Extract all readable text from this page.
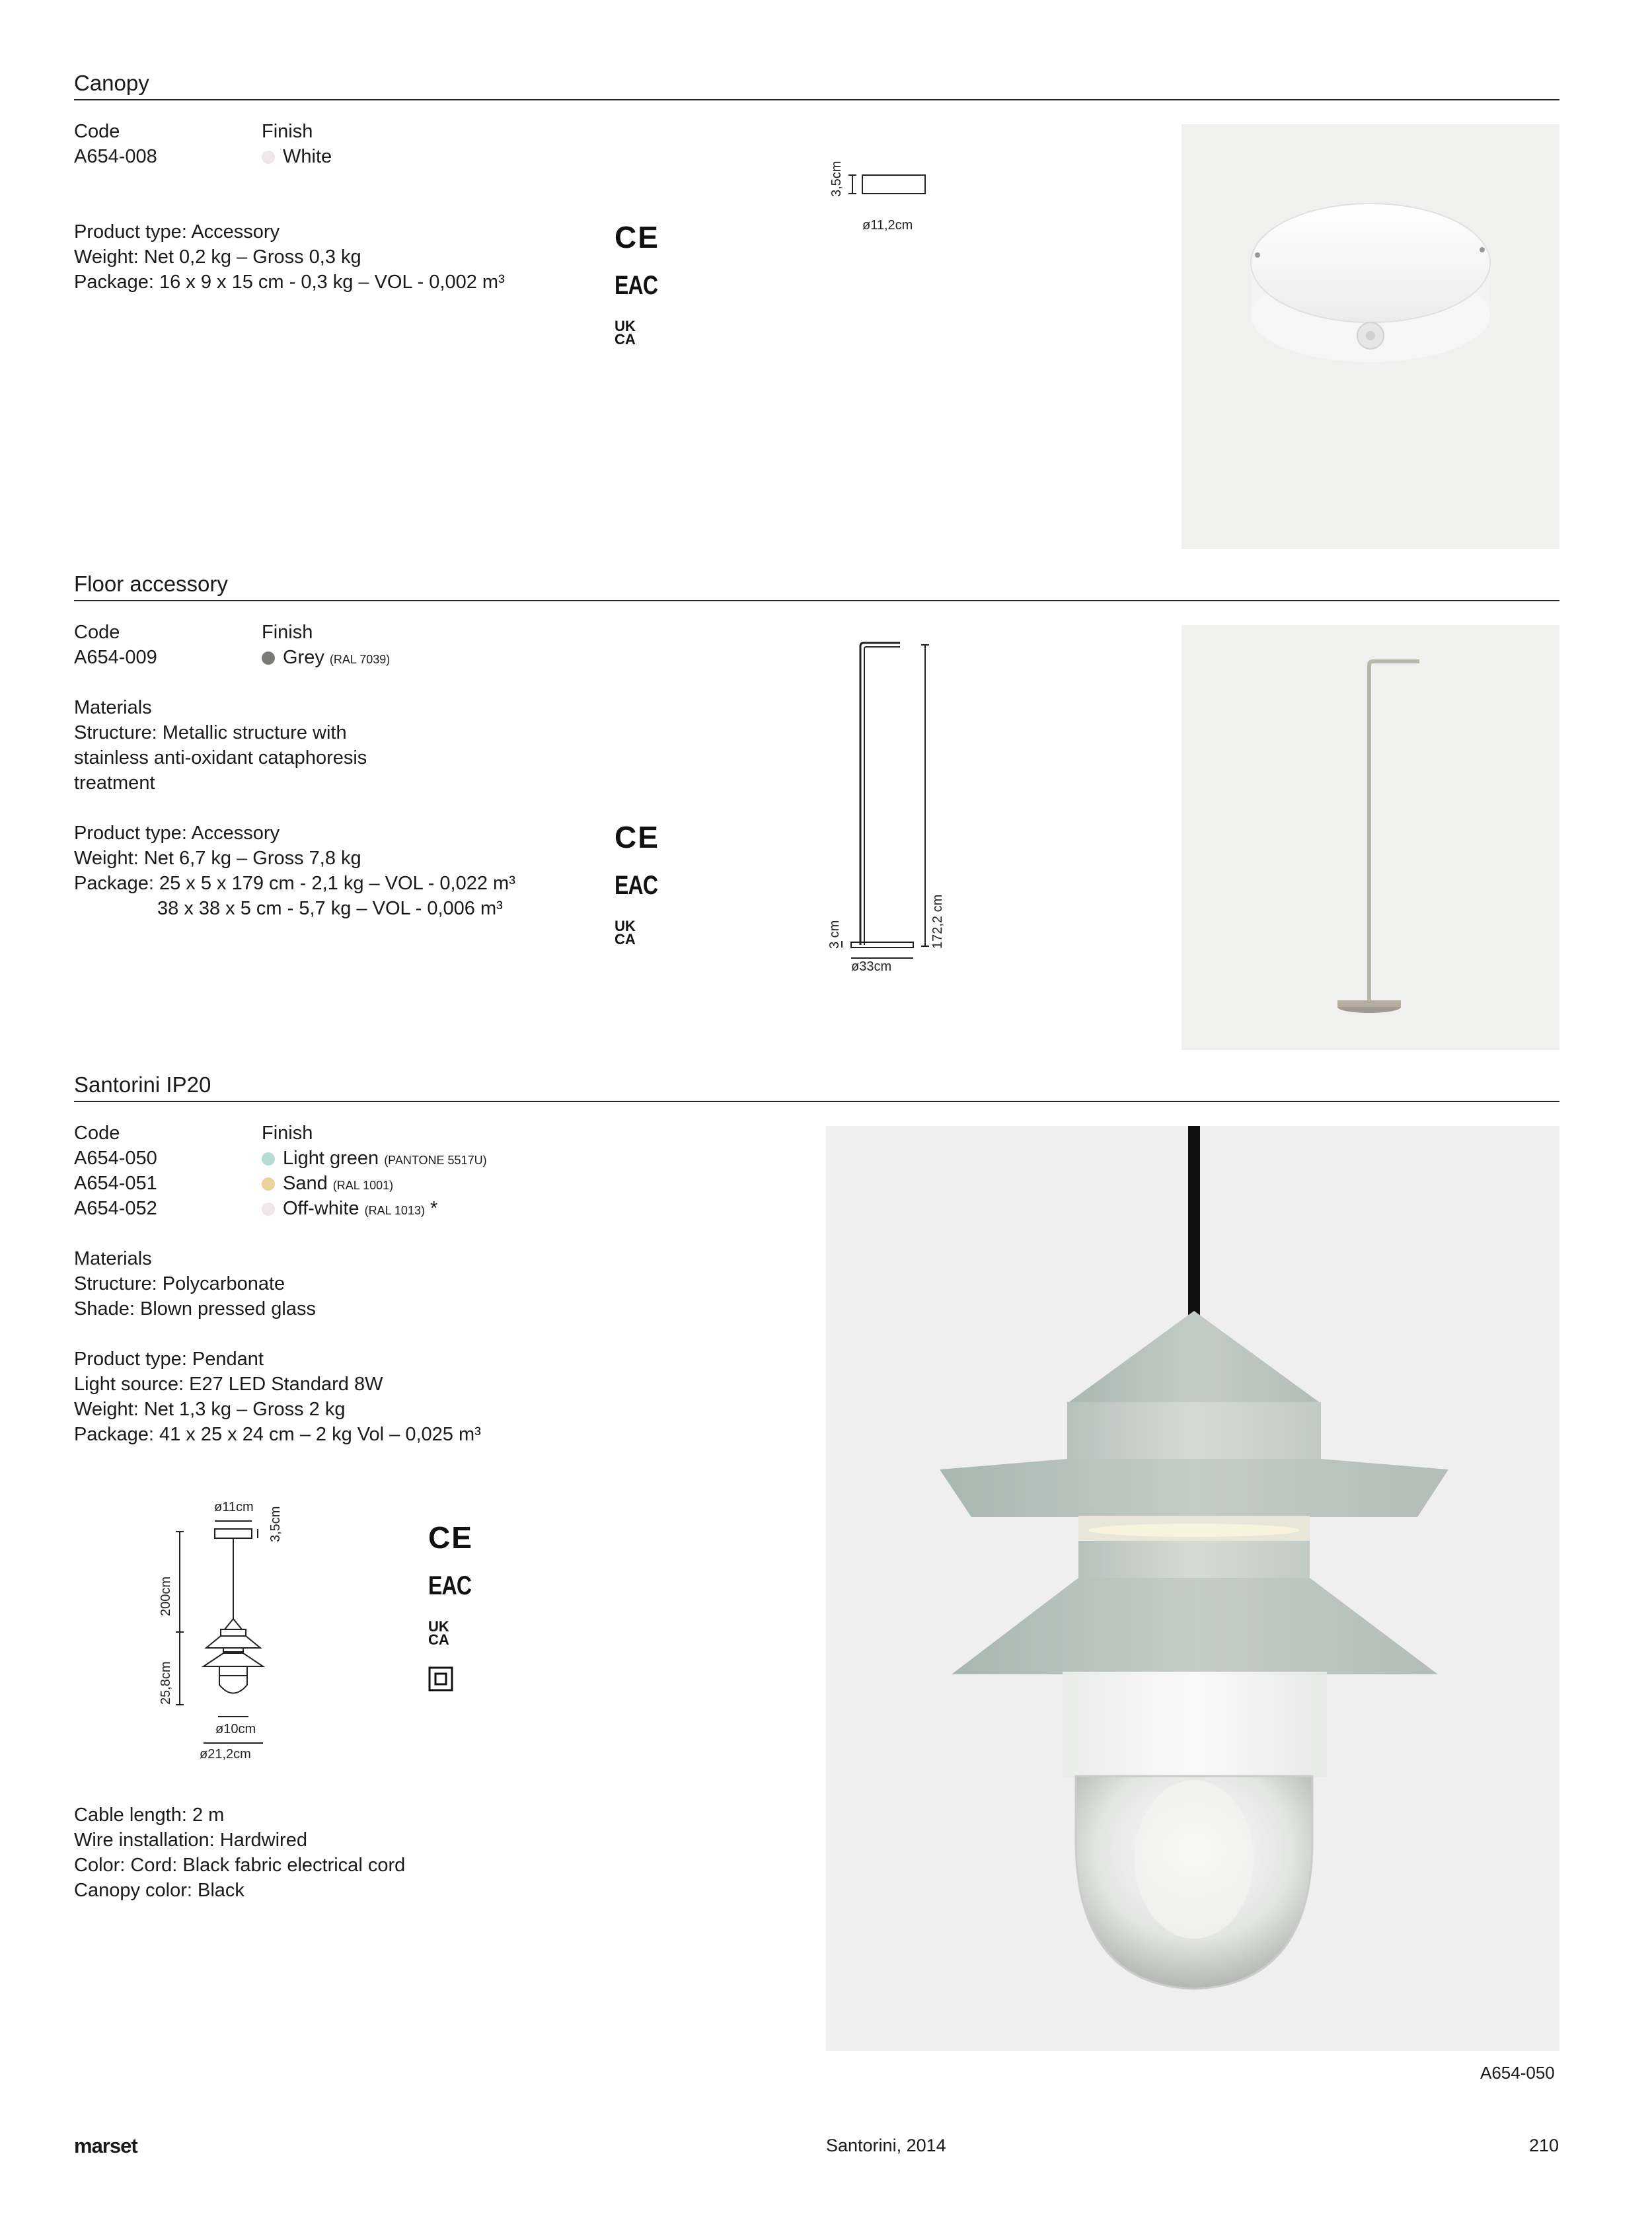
Canopy
Code	Finish
A654-008	White
Product type: Accessory
Weight: Net 0,2 kg – Gross 0,3 kg
Package: 16 x 9 x 15 cm - 0,3 kg – VOL - 0,002 m³
CE
EAC
UK
CA
3,5cm
ø11,2cm
Floor accessory
Code	Finish
A654-009	Grey (RAL 7039)
Materials
Structure: Metallic structure with
stainless anti-oxidant cataphoresis
treatment
Product type: Accessory
Weight: Net 6,7 kg – Gross 7,8 kg
Package: 25 x 5 x 179 cm - 2,1 kg – VOL - 0,022 m³
38 x 38 x 5 cm - 5,7 kg – VOL - 0,006 m³
CE
EAC
UK
CA	3 cm	172,2 cm
ø33cm
Santorini IP20
Code	Finish
A654-050	Light green (PANTONE 5517U)
A654-051	Sand (RAL 1001)
A654-052	Off-white (RAL 1013) *
Materials
Structure: Polycarbonate
Shade: Blown pressed glass
Product type: Pendant
Light source: E27 LED Standard 8W
Weight: Net 1,3 kg – Gross 2 kg
Package: 41 x 25 x 24 cm – 2 kg Vol – 0,025 m³
ø11cm 3,5cm
200cm
25,8cm
ø10cm
ø21,2cm
CE
EAC
UK
CA
Cable length: 2 m
Wire installation: Hardwired
Color: Cord: Black fabric electrical cord
Canopy color: Black
A654-050
marset	Santorini, 2014	210
